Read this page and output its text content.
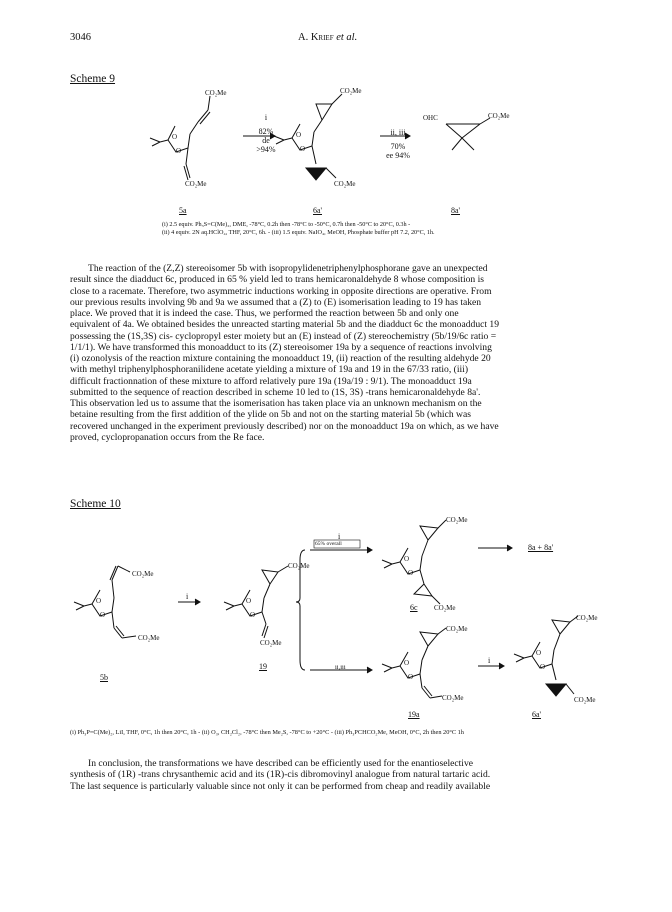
3046	A. Krief et al.
Scheme 9
CO₂Me
CO₂Me
O
O
CO₂Me
CO₂Me
O
O
OHC	CO₂Me
i
82%
de >94%
ii, iii
70%
ee 94%
5a	6a'	8a'
(i) 2.5 equiv. Ph₃S=C(Me)₂, DME, -78°C, 0.2h then -78°C to -50°C, 0.7h then -50°C to 20°C, 0.3h -
(ii) 4 equiv. 2N aq.HClO₄, THF, 20°C, 6h. - (iii) 1.5 equiv. NaIO₄, MeOH, Phosphate buffer pH 7.2, 20°C, 1h.

The reaction of the (Z,Z) stereoisomer 5b with isopropylidenetriphenylphosphorane gave an unexpected

result since the diadduct 6c, produced in 65 % yield led to trans hemicaronaldehyde 8 whose composition is
close to a racemate. Therefore, two asymmetric inductions working in opposite directions are operative. From
our previous results involving 9b and 9a we assumed that a (Z) to (E) isomerisation leading to 19 has taken
place. We proved that it is indeed the case. Thus, we performed the reaction between 5b and only one
equivalent of 4a. We obtained besides the unreacted starting material 5b and the diadduct 6c the monoadduct 19
possessing the (1S,3S) cis- cyclopropyl ester moiety but an (E) instead of (Z) stereochemistry (5b/19/6c ratio =
1/1/1). We have transformed this monoadduct to its (Z) stereoisomer 19a by a sequence of reactions involving
(i) ozonolysis of the reaction mixture containing the monoadduct 19, (ii) reaction of the resulting aldehyde 20
with methyl triphenylphosphoranilidene acetate yielding a mixture of 19a and 19 in the 67/33 ratio, (iii)
difficult fractionnation of these mixture to afford relatively pure 19a (19a/19 : 9/1). The monoadduct 19a
submitted to the sequence of reaction described in scheme 10 led to (1S, 3S) -trans hemicaronaldehyde 8a'.
This observation led us to assume that the isomerisation has taken place via an unknown mechanism on the
betaine resulting from the first addition of the ylide on 5b and not on the starting material 5b (which was
recovered unchanged in the experiment previously described) nor on the monoadduct 19a on which, as we have
proved, cyclopropanation occurs from the Re face.
Scheme 10
CO₂Me
CO₂Me
O
O
CO₂Me
CO₂Me
O
O
CO₂Me
CO₂Me
O
O
CO₂Me
CO₂Me
O
O
CO₂Me
CO₂Me
O
O
i
65% overall
ii,iii
i
i
8a + 8a'
5b
19
6c
19a	6a'
(i) Ph₃P=C(Me)₂, LiI, THF, 0°C, 1h then 20°C, 1h - (ii) O₃, CH₂Cl₂, -78°C then Me₂S, -78°C to +20°C - (iii) Ph₃PCHCO₂Me, MeOH, 0°C, 2h then 20°C 1h

In conclusion, the transformations we have described can be efficiently used for the enantioselective

synthesis of (1R) -trans chrysanthemic acid and its (1R)-cis dibromovinyl analogue from natural tartaric acid.
The last sequence is particularly valuable since not only it can be performed from cheap and readily available
